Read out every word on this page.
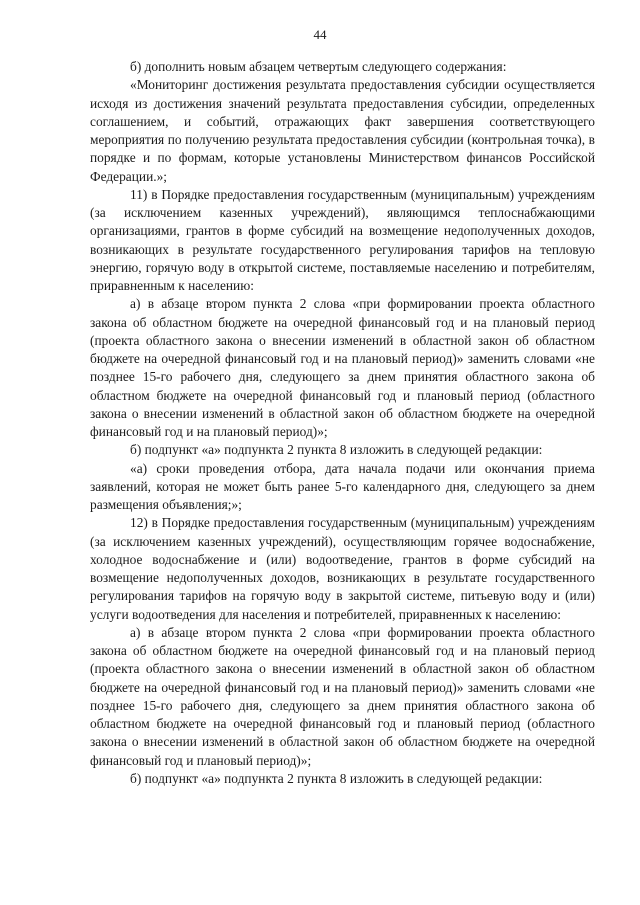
44

б) дополнить новым абзацем четвертым следующего содержания:

«Мониторинг достижения результата предоставления субсидии осуществляется исходя из достижения значений результата предоставления субсидии, определенных соглашением, и событий, отражающих факт завершения соответствующего мероприятия по получению результата предоставления субсидии (контрольная точка), в порядке и по формам, которые установлены Министерством финансов Российской Федерации.»;

11) в Порядке предоставления государственным (муниципальным) учреждениям (за исключением казенных учреждений), являющимся теплоснабжающими организациями, грантов в форме субсидий на возмещение недополученных доходов, возникающих в результате государственного регулирования тарифов на тепловую энергию, горячую воду в открытой системе, поставляемые населению и потребителям, приравненным к населению:

а) в абзаце втором пункта 2 слова «при формировании проекта областного закона об областном бюджете на очередной финансовый год и на плановый период (проекта областного закона о внесении изменений в областной закон об областном бюджете на очередной финансовый год и на плановый период)» заменить словами «не позднее 15-го рабочего дня, следующего за днем принятия областного закона об областном бюджете на очередной финансовый год и плановый период (областного закона о внесении изменений в областной закон об областном бюджете на очередной финансовый год и на плановый период)»;

б) подпункт «а» подпункта 2 пункта 8 изложить в следующей редакции:

«а) сроки проведения отбора, дата начала подачи или окончания приема заявлений, которая не может быть ранее 5-го календарного дня, следующего за днем размещения объявления;»;

12) в Порядке предоставления государственным (муниципальным) учреждениям (за исключением казенных учреждений), осуществляющим горячее водоснабжение, холодное водоснабжение и (или) водоотведение, грантов в форме субсидий на возмещение недополученных доходов, возникающих в результате государственного регулирования тарифов на горячую воду в закрытой системе, питьевую воду и (или) услуги водоотведения для населения и потребителей, приравненных к населению:

а) в абзаце втором пункта 2 слова «при формировании проекта областного закона об областном бюджете на очередной финансовый год и на плановый период (проекта областного закона о внесении изменений в областной закон об областном бюджете на очередной финансовый год и на плановый период)» заменить словами «не позднее 15-го рабочего дня, следующего за днем принятия областного закона об областном бюджете на очередной финансовый год и плановый период (областного закона о внесении изменений в областной закон об областном бюджете на очередной финансовый год и плановый период)»;

б) подпункт «а» подпункта 2 пункта 8 изложить в следующей редакции:
